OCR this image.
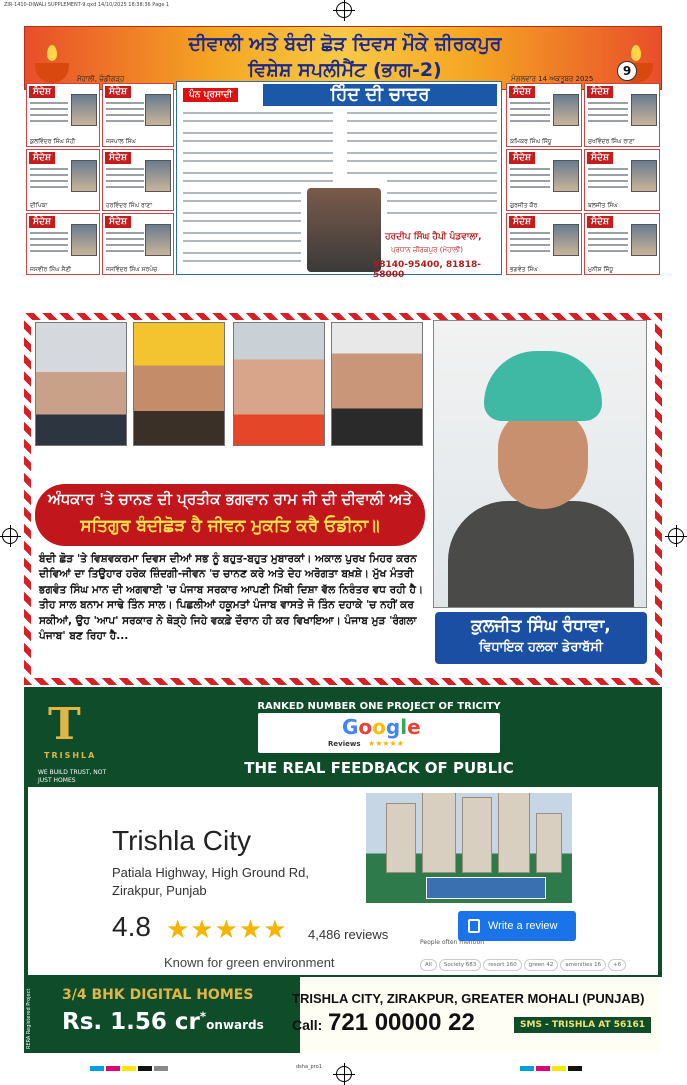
ZIR-1410-DIWALI SUPPLEMENT-9.qxd 14/10/2025 18:38:36 Page 1
dsha_pro1
ਦੀਵਾਲੀ ਅਤੇ ਬੰਦੀ ਛੋੜ ਦਿਵਸ ਮੌਕੇ ਜ਼ੀਰਕਪੁਰ
ਵਿਸ਼ੇਸ਼ ਸਪਲੀਮੈਂਟ (ਭਾਗ-2)
ਮੋਹਾਲੀ, ਚੰਡੀਗੜ੍ਹ	ਮੰਗਲਵਾਰ 14 ਅਕਤੂਬਰ 2025
9
ਸੰਦੇਸ਼
ਕੁਲਵਿੰਦਰ ਸਿੰਘ ਸੋਹੀ
ਸੰਦੇਸ਼
ਜਸਪਾਲ ਸਿੰਘ
ਸੰਦੇਸ਼
ਦੀਪਿਕਾ
ਸੰਦੇਸ਼
ਹਰਵਿੰਦਰ ਸਿੰਘ ਰਾਣਾ
ਸੰਦੇਸ਼
ਜਸਵੀਰ ਸਿੰਘ ਸੈਣੀ
ਸੰਦੇਸ਼
ਜਸਵਿੰਦਰ ਸਿੰਘ ਸਰਪੰਚ
ਪੰਨ ਪ੍ਰਸਾਦੀ	ਹਿੰਦ ਦੀ ਚਾਦਰ
ਹਰਦੀਪ ਸਿੰਘ ਹੈਪੀ ਪੰਡਵਾਲਾ,
ਪ੍ਰਧਾਨ ਜ਼ੀਰਕਪੁਰ (ਮੋਹਾਲੀ)
98140-95400, 81818-58000
ਸੰਦੇਸ਼
ਕਮਿਕਰ ਸਿੰਘ ਸਿੱਧੂ
ਸੰਦੇਸ਼
ਸੁਖਵਿੰਦਰ ਸਿੰਘ ਰਾਣਾ
ਸੰਦੇਸ਼
ਗੁਰਜੀਤ ਕੌਰ
ਸੰਦੇਸ਼
ਬਲਜੀਤ ਸਿੰਘ
ਸੰਦੇਸ਼
ਭਗਵੰਤ ਸਿੰਘ
ਸੰਦੇਸ਼
ਮੁਨੀਸ਼ ਸਿੱਧੂ
ਅੰਧਕਾਰ 'ਤੇ ਚਾਨਣ ਦੀ ਪ੍ਰਤੀਕ ਭਗਵਾਨ ਰਾਮ ਜੀ ਦੀ ਦੀਵਾਲੀ ਅਤੇ
ਸਤਿਗੁਰ ਬੰਦੀਛੋੜ ਹੈ ਜੀਵਨ ਮੁਕਤਿ ਕਰੈ ਓਡੀਨਾ॥
ਬੰਦੀ ਛੋੜ 'ਤੇ ਵਿਸ਼ਵਕਰਮਾ ਦਿਵਸ ਦੀਆਂ ਸਭ ਨੂੰ ਬਹੁਤ-ਬਹੁਤ ਮੁਬਾਰਕਾਂ। ਅਕਾਲ ਪੁਰਖ ਮਿਹਰ ਕਰਨ ਦੀਵਿਆਂ ਦਾ ਤਿਉਹਾਰ ਹਰੇਕ ਜ਼ਿੰਦਗੀ-ਜੀਵਨ 'ਚ ਚਾਨਣ ਕਰੇ ਅਤੇ ਦੇਹ ਅਰੋਗਤਾ ਬਖ਼ਸ਼ੇ। ਮੁੱਖ ਮੰਤਰੀ ਭਗਵੰਤ ਸਿੰਘ ਮਾਨ ਦੀ ਅਗਵਾਈ 'ਚ ਪੰਜਾਬ ਸਰਕਾਰ ਆਪਣੀ ਮਿੱਥੀ ਦਿਸ਼ਾ ਵੱਲ ਨਿਰੰਤਰ ਵਧ ਰਹੀ ਹੈ। ਤੀਹ ਸਾਲ ਬਨਾਮ ਸਾਢੇ ਤਿੰਨ ਸਾਲ। ਪਿਛਲੀਆਂ ਹਕੂਮਤਾਂ ਪੰਜਾਬ ਵਾਸਤੇ ਜੋ ਤਿੰਨ ਦਹਾਕੇ 'ਚ ਨਹੀਂ ਕਰ ਸਕੀਆਂ, ਉਹ 'ਆਪ' ਸਰਕਾਰ ਨੇ ਥੋੜ੍ਹੇ ਜਿਹੇ ਵਕਫ਼ੇ ਦੌਰਾਨ ਹੀ ਕਰ ਵਿਖਾਇਆ। ਪੰਜਾਬ ਮੁੜ 'ਰੰਗਲਾ ਪੰਜਾਬ' ਬਣ ਰਿਹਾ ਹੈ...
ਕੁਲਜੀਤ ਸਿੰਘ ਰੰਧਾਵਾ,
ਵਿਧਾਇਕ ਹਲਕਾ ਡੇਰਾਬੱਸੀ
T
TRISHLA
WE BUILD TRUST, NOT JUST HOMES
RANKED NUMBER ONE PROJECT OF TRICITY
Google
Reviews ★★★★★
THE REAL FEEDBACK OF PUBLIC
Trishla City
Patiala Highway, High Ground Rd,
Zirakpur, Punjab
4.8 ★★★★★ 4,486 reviews
Known for green environment
Write a review
People often mention
All Society 683 resort 160 green 42 amenities 16 +6
RERA Registered Project	3/4 BHK DIGITAL HOMES
Rs. 1.56 cr*onwards
TRISHLA CITY, ZIRAKPUR, GREATER MOHALI (PUNJAB)
Call: 721 00000 22	SMS - TRISHLA AT 56161
